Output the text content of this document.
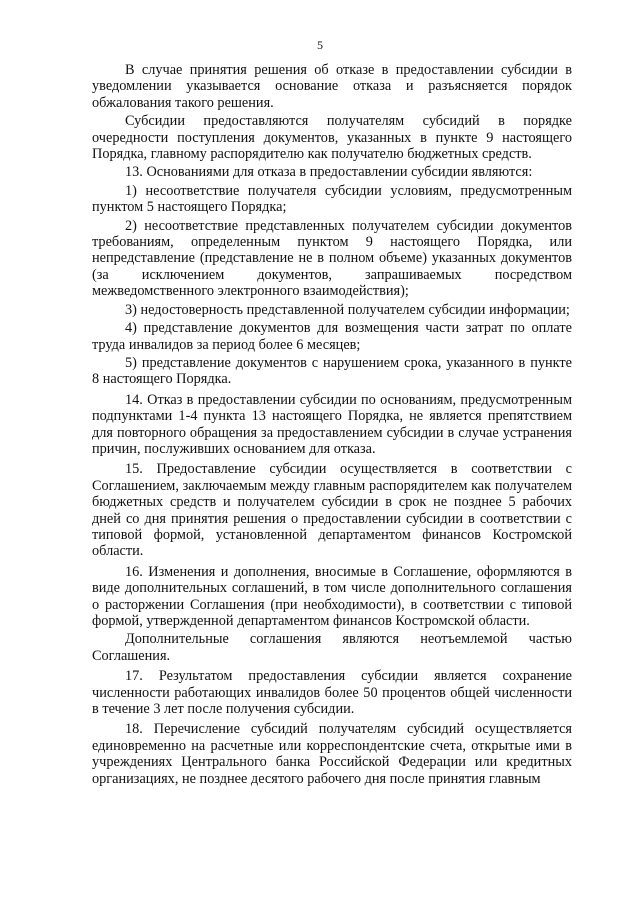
5

В случае принятия решения об отказе в предоставлении субсидии в уведомлении указывается основание отказа и разъясняется порядок обжалования такого решения.

Субсидии предоставляются получателям субсидий в порядке очередности поступления документов, указанных в пункте 9 настоящего Порядка, главному распорядителю как получателю бюджетных средств.

13. Основаниями для отказа в предоставлении субсидии являются:

1) несоответствие получателя субсидии условиям, предусмотренным пунктом 5 настоящего Порядка;

2) несоответствие представленных получателем субсидии документов требованиям, определенным пунктом 9 настоящего Порядка, или непредставление (представление не в полном объеме) указанных документов (за исключением документов, запрашиваемых посредством межведомственного электронного взаимодействия);

3) недостоверность представленной получателем субсидии информации;

4) представление документов для возмещения части затрат по оплате труда инвалидов за период более 6 месяцев;

5) представление документов с нарушением срока, указанного в пункте 8 настоящего Порядка.

14. Отказ в предоставлении субсидии по основаниям, предусмотренным подпунктами 1-4 пункта 13 настоящего Порядка, не является препятствием для повторного обращения за предоставлением субсидии в случае устранения причин, послуживших основанием для отказа.

15. Предоставление субсидии осуществляется в соответствии с Соглашением, заключаемым между главным распорядителем как получателем бюджетных средств и получателем субсидии в срок не позднее 5 рабочих дней со дня принятия решения о предоставлении субсидии в соответствии с типовой формой, установленной департаментом финансов Костромской области.

16. Изменения и дополнения, вносимые в Соглашение, оформляются в виде дополнительных соглашений, в том числе дополнительного соглашения о расторжении Соглашения (при необходимости), в соответствии с типовой формой, утвержденной департаментом финансов Костромской области.

Дополнительные соглашения являются неотъемлемой частью Соглашения.

17. Результатом предоставления субсидии является сохранение численности работающих инвалидов более 50 процентов общей численности в течение 3 лет после получения субсидии.

18. Перечисление субсидий получателям субсидий осуществляется единовременно на расчетные или корреспондентские счета, открытые ими в учреждениях Центрального банка Российской Федерации или кредитных организациях, не позднее десятого рабочего дня после принятия главным
